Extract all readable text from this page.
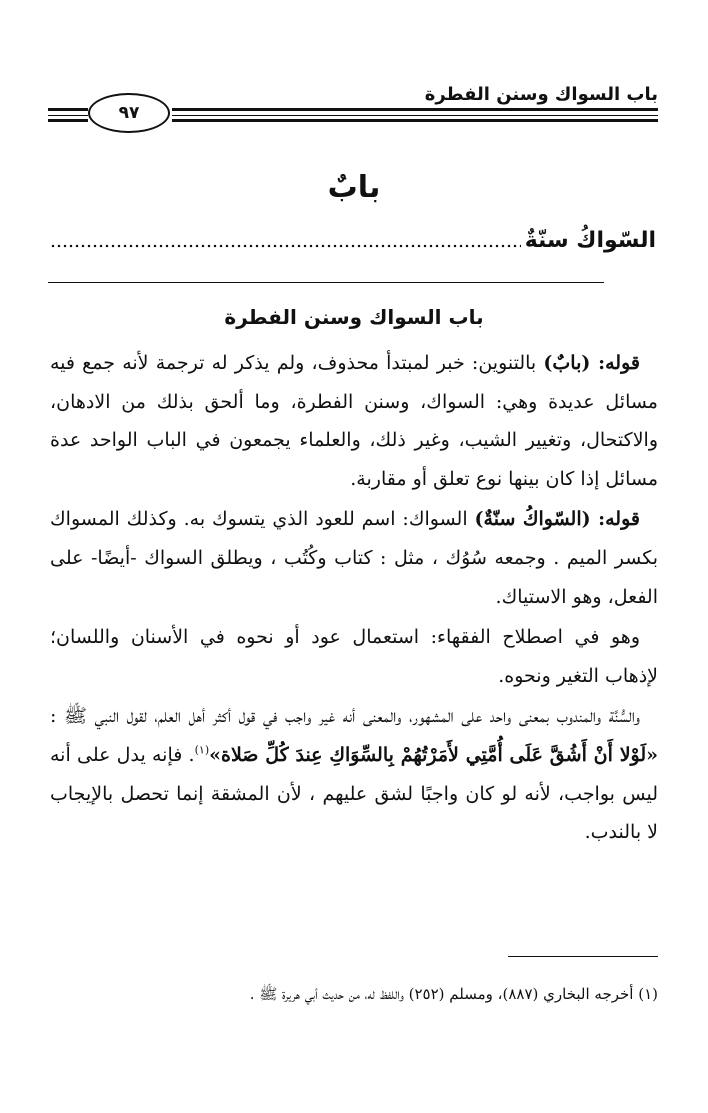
باب السواك وسنن الفطرة
٩٧
بابٌ
السّواكُ سنّةٌ
باب السواك وسنن الفطرة

قوله: (بابٌ) بالتنوين: خبر لمبتدأ محذوف، ولم يذكر له ترجمة لأنه جمع فيه مسائل عديدة وهي: السواك، وسنن الفطرة، وما ألحق بذلك من الادهان، والاكتحال، وتغيير الشيب، وغير ذلك، والعلماء يجمعون في الباب الواحد عدة مسائل إذا كان بينها نوع تعلق أو مقاربة.

قوله: (السّواكُ سنّةٌ) السواك: اسم للعود الذي يتسوك به. وكذلك المسواك بكسر الميم . وجمعه سُوُك ، مثل : كتاب وكُتُب ، ويطلق السواك -أيضًا- على الفعل، وهو الاستياك.

وهو في اصطلاح الفقهاء: استعمال عود أو نحوه في الأسنان واللسان؛ لإذهاب التغير ونحوه.

والسُّنَّة والمندوب بمعنى واحد على المشهور، والمعنى أنه غير واجب في قول أكثر أهل العلم، لقول النبي ﷺ : «لَوْلا أَنْ أَشُقَّ عَلَى أُمَّتِي لأَمَرْتُهُمْ بِالسِّوَاكِ عِندَ كُلِّ صَلاة»$^{(١)}$. فإنه يدل على أنه ليس بواجب، لأنه لو كان واجبًا لشق عليهم ، لأن المشقة إنما تحصل بالإيجاب لا بالندب.

(١) أخرجه البخاري (٨٨٧)، ومسلم (٢٥٢) واللفظ له، من حديث أبي هريرة ﷺ .
